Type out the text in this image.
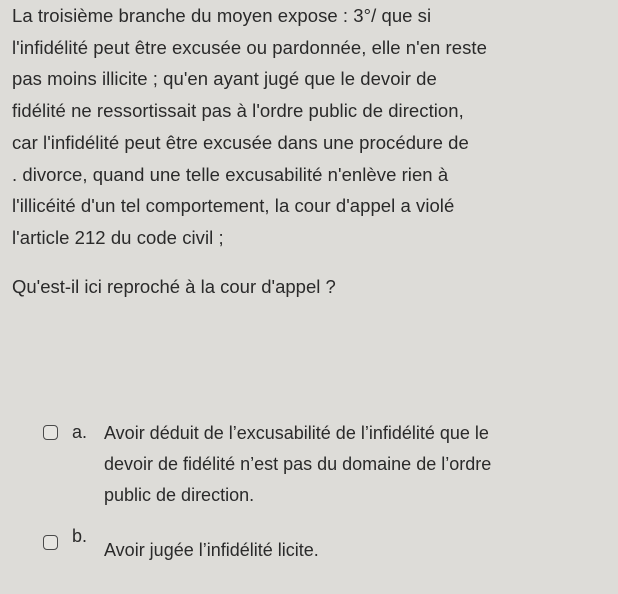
La troisième branche du moyen expose : 3°/ que si
l'infidélité peut être excusée ou pardonnée, elle n'en reste
pas moins illicite ; qu'en ayant jugé que le devoir de
fidélité ne ressortissait pas à l'ordre public de direction,
car l'infidélité peut être excusée dans une procédure de
. divorce, quand une telle excusabilité n'enlève rien à
l'illicéité d'un tel comportement, la cour d'appel a violé
l'article 212 du code civil ;
Qu'est-il ici reproché à la cour d'appel ?
a. Avoir déduit de l’excusabilité de l’infidélité que le
devoir de fidélité n’est pas du domaine de l’ordre
public de direction.
b.
Avoir jugée l’infidélité licite.
